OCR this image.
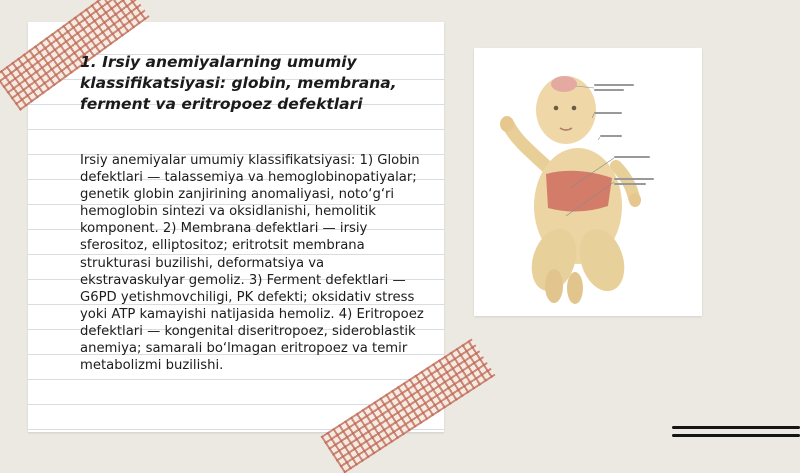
1. Irsiy anemiyalarning umumiy klassifikatsiyasi: globin, membrana, ferment va eritropoez defektlari

Irsiy anemiyalar umumiy klassifikatsiyasi: 1) Globin defektlari — talassemiya va hemoglobinopatiyalar; genetik globin zanjirining anomaliyasi, noto‘g‘ri hemoglobin sintezi va oksidlanishi, hemolitik komponent. 2) Membrana defektlari — irsiy sferositoz, elliptositoz; eritrotsit membrana strukturasi buzilishi, deformatsiya va ekstravaskulyar gemoliz. 3) Ferment defektlari — G6PD yetishmovchiligi, PK defekti; oksidativ stress yoki ATP kamayishi natijasida hemoliz. 4) Eritropoez defektlari — kongenital diseritropoez, sideroblastik anemiya; samarali bo‘lmagan eritropoez va temir metabolizmi buzilishi.
